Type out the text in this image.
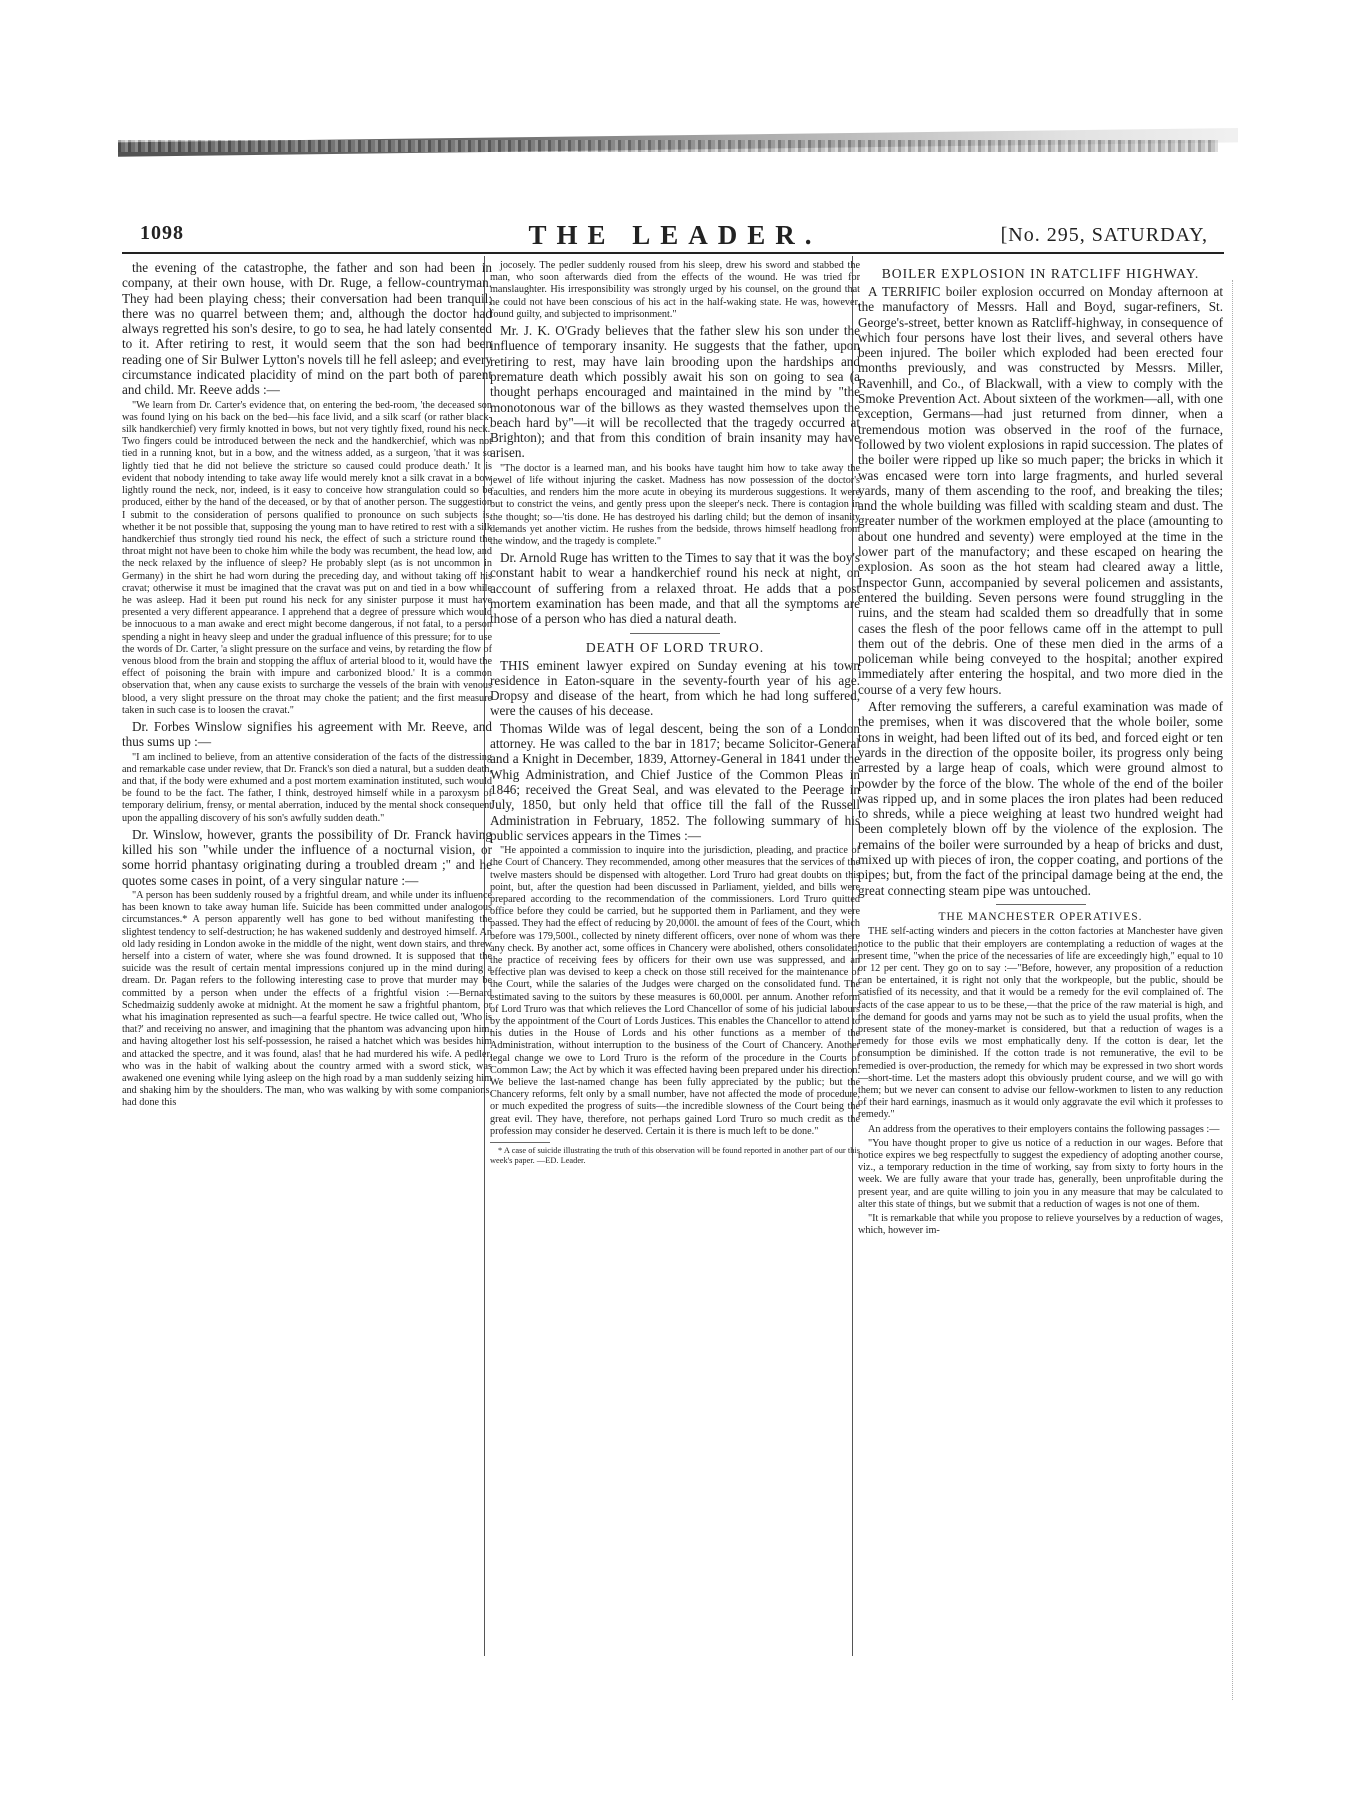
1098	THE LEADER.	[No. 295, SATURDAY,

the evening of the catastrophe, the father and son had been in company, at their own house, with Dr. Ruge, a fellow-countryman. They had been playing chess; their conversation had been tranquil; there was no quarrel between them; and, although the doctor had always regretted his son's desire, to go to sea, he had lately consented to it. After retiring to rest, it would seem that the son had been reading one of Sir Bulwer Lytton's novels till he fell asleep; and every circumstance indicated placidity of mind on the part both of parent and child. Mr. Reeve adds :—

"We learn from Dr. Carter's evidence that, on entering the bed-room, 'the deceased son was found lying on his back on the bed—his face livid, and a silk scarf (or rather black-silk handkerchief) very firmly knotted in bows, but not very tightly fixed, round his neck.' Two fingers could be introduced between the neck and the handkerchief, which was not tied in a running knot, but in a bow, and the witness added, as a surgeon, 'that it was so lightly tied that he did not believe the stricture so caused could produce death.' It is evident that nobody intending to take away life would merely knot a silk cravat in a bow lightly round the neck, nor, indeed, is it easy to conceive how strangulation could so be produced, either by the hand of the deceased, or by that of another person. The suggestion I submit to the consideration of persons qualified to pronounce on such subjects is, whether it be not possible that, supposing the young man to have retired to rest with a silk handkerchief thus strongly tied round his neck, the effect of such a stricture round the throat might not have been to choke him while the body was recumbent, the head low, and the neck relaxed by the influence of sleep? He probably slept (as is not uncommon in Germany) in the shirt he had worn during the preceding day, and without taking off his cravat; otherwise it must be imagined that the cravat was put on and tied in a bow while he was asleep. Had it been put round his neck for any sinister purpose it must have presented a very different appearance. I apprehend that a degree of pressure which would be innocuous to a man awake and erect might become dangerous, if not fatal, to a person spending a night in heavy sleep and under the gradual influence of this pressure; for to use the words of Dr. Carter, 'a slight pressure on the surface and veins, by retarding the flow of venous blood from the brain and stopping the afflux of arterial blood to it, would have the effect of poisoning the brain with impure and carbonized blood.' It is a common observation that, when any cause exists to surcharge the vessels of the brain with venous blood, a very slight pressure on the throat may choke the patient; and the first measure taken in such case is to loosen the cravat."

Dr. Forbes Winslow signifies his agreement with Mr. Reeve, and thus sums up :—

"I am inclined to believe, from an attentive consideration of the facts of the distressing and remarkable case under review, that Dr. Franck's son died a natural, but a sudden death, and that, if the body were exhumed and a post mortem examination instituted, such would be found to be the fact. The father, I think, destroyed himself while in a paroxysm of temporary delirium, frensy, or mental aberration, induced by the mental shock consequent upon the appalling discovery of his son's awfully sudden death."

Dr. Winslow, however, grants the possibility of Dr. Franck having killed his son "while under the influence of a nocturnal vision, or some horrid phantasy originating during a troubled dream ;" and he quotes some cases in point, of a very singular nature :—

"A person has been suddenly roused by a frightful dream, and while under its influence has been known to take away human life. Suicide has been committed under analogous circumstances.* A person apparently well has gone to bed without manifesting the slightest tendency to self-destruction; he has wakened suddenly and destroyed himself. An old lady residing in London awoke in the middle of the night, went down stairs, and threw herself into a cistern of water, where she was found drowned. It is supposed that the suicide was the result of certain mental impressions conjured up in the mind during a dream. Dr. Pagan refers to the following interesting case to prove that murder may be committed by a person when under the effects of a frightful vision :—Bernard Schedmaizig suddenly awoke at midnight. At the moment he saw a frightful phantom, or what his imagination represented as such—a fearful spectre. He twice called out, 'Who is that?' and receiving no answer, and imagining that the phantom was advancing upon him, and having altogether lost his self-possession, he raised a hatchet which was besides him and attacked the spectre, and it was found, alas! that he had murdered his wife. A pedler, who was in the habit of walking about the country armed with a sword stick, was awakened one evening while lying asleep on the high road by a man suddenly seizing him and shaking him by the shoulders. The man, who was walking by with some companions, had done this

jocosely. The pedler suddenly roused from his sleep, drew his sword and stabbed the man, who soon afterwards died from the effects of the wound. He was tried for manslaughter. His irresponsibility was strongly urged by his counsel, on the ground that he could not have been conscious of his act in the half-waking state. He was, however, found guilty, and subjected to imprisonment."

Mr. J. K. O'Grady believes that the father slew his son under the influence of temporary insanity. He suggests that the father, upon retiring to rest, may have lain brooding upon the hardships and premature death which possibly await his son on going to sea (a thought perhaps encouraged and maintained in the mind by "the monotonous war of the billows as they wasted themselves upon the beach hard by"—it will be recollected that the tragedy occurred at Brighton); and that from this condition of brain insanity may have arisen.

"The doctor is a learned man, and his books have taught him how to take away the jewel of life without injuring the casket. Madness has now possession of the doctor's faculties, and renders him the more acute in obeying its murderous suggestions. It were but to constrict the veins, and gently press upon the sleeper's neck. There is contagion in the thought; so—'tis done. He has destroyed his darling child; but the demon of insanity demands yet another victim. He rushes from the bedside, throws himself headlong from the window, and the tragedy is complete."

Dr. Arnold Ruge has written to the Times to say that it was the boy's constant habit to wear a handkerchief round his neck at night, on account of suffering from a relaxed throat. He adds that a post mortem examination has been made, and that all the symptoms are those of a person who has died a natural death.

DEATH OF LORD TRURO.

THIS eminent lawyer expired on Sunday evening at his town residence in Eaton-square in the seventy-fourth year of his age. Dropsy and disease of the heart, from which he had long suffered, were the causes of his decease.

Thomas Wilde was of legal descent, being the son of a London attorney. He was called to the bar in 1817; became Solicitor-General and a Knight in December, 1839, Attorney-General in 1841 under the Whig Administration, and Chief Justice of the Common Pleas in 1846; received the Great Seal, and was elevated to the Peerage in July, 1850, but only held that office till the fall of the Russell Administration in February, 1852. The following summary of his public services appears in the Times :—

"He appointed a commission to inquire into the jurisdiction, pleading, and practice of the Court of Chancery. They recommended, among other measures that the services of the twelve masters should be dispensed with altogether. Lord Truro had great doubts on this point, but, after the question had been discussed in Parliament, yielded, and bills were prepared according to the recommendation of the commissioners. Lord Truro quitted office before they could be carried, but he supported them in Parliament, and they were passed. They had the effect of reducing by 20,000l. the amount of fees of the Court, which before was 179,500l., collected by ninety different officers, over none of whom was there any check. By another act, some offices in Chancery were abolished, others consolidated; the practice of receiving fees by officers for their own use was suppressed, and an effective plan was devised to keep a check on those still received for the maintenance of the Court, while the salaries of the Judges were charged on the consolidated fund. The estimated saving to the suitors by these measures is 60,000l. per annum. Another reform of Lord Truro was that which relieves the Lord Chancellor of some of his judicial labours by the appointment of the Court of Lords Justices. This enables the Chancellor to attend to his duties in the House of Lords and his other functions as a member of the Administration, without interruption to the business of the Court of Chancery. Another legal change we owe to Lord Truro is the reform of the procedure in the Courts of Common Law; the Act by which it was effected having been prepared under his direction. We believe the last-named change has been fully appreciated by the public; but the Chancery reforms, felt only by a small number, have not affected the mode of procedure, or much expedited the progress of suits—the incredible slowness of the Court being the great evil. They have, therefore, not perhaps gained Lord Truro so much credit as the profession may consider he deserved. Certain it is there is much left to be done."

* A case of suicide illustrating the truth of this observation will be found reported in another part of our this week's paper. —ED. Leader.

BOILER EXPLOSION IN RATCLIFF HIGHWAY.

A TERRIFIC boiler explosion occurred on Monday afternoon at the manufactory of Messrs. Hall and Boyd, sugar-refiners, St. George's-street, better known as Ratcliff-highway, in consequence of which four persons have lost their lives, and several others have been injured. The boiler which exploded had been erected four months previously, and was constructed by Messrs. Miller, Ravenhill, and Co., of Blackwall, with a view to comply with the Smoke Prevention Act. About sixteen of the workmen—all, with one exception, Germans—had just returned from dinner, when a tremendous motion was observed in the roof of the furnace, followed by two violent explosions in rapid succession. The plates of the boiler were ripped up like so much paper; the bricks in which it was encased were torn into large fragments, and hurled several yards, many of them ascending to the roof, and breaking the tiles; and the whole building was filled with scalding steam and dust. The greater number of the workmen employed at the place (amounting to about one hundred and seventy) were employed at the time in the lower part of the manufactory; and these escaped on hearing the explosion. As soon as the hot steam had cleared away a little, Inspector Gunn, accompanied by several policemen and assistants, entered the building. Seven persons were found struggling in the ruins, and the steam had scalded them so dreadfully that in some cases the flesh of the poor fellows came off in the attempt to pull them out of the debris. One of these men died in the arms of a policeman while being conveyed to the hospital; another expired immediately after entering the hospital, and two more died in the course of a very few hours.

After removing the sufferers, a careful examination was made of the premises, when it was discovered that the whole boiler, some tons in weight, had been lifted out of its bed, and forced eight or ten yards in the direction of the opposite boiler, its progress only being arrested by a large heap of coals, which were ground almost to powder by the force of the blow. The whole of the end of the boiler was ripped up, and in some places the iron plates had been reduced to shreds, while a piece weighing at least two hundred weight had been completely blown off by the violence of the explosion. The remains of the boiler were surrounded by a heap of bricks and dust, mixed up with pieces of iron, the copper coating, and portions of the pipes; but, from the fact of the principal damage being at the end, the great connecting steam pipe was untouched.

THE MANCHESTER OPERATIVES.

THE self-acting winders and piecers in the cotton factories at Manchester have given notice to the public that their employers are contemplating a reduction of wages at the present time, "when the price of the necessaries of life are exceedingly high," equal to 10 or 12 per cent. They go on to say :—"Before, however, any proposition of a reduction can be entertained, it is right not only that the workpeople, but the public, should be satisfied of its necessity, and that it would be a remedy for the evil complained of. The facts of the case appear to us to be these,—that the price of the raw material is high, and the demand for goods and yarns may not be such as to yield the usual profits, when the present state of the money-market is considered, but that a reduction of wages is a remedy for those evils we most emphatically deny. If the cotton is dear, let the consumption be diminished. If the cotton trade is not remunerative, the evil to be remedied is over-production, the remedy for which may be expressed in two short words—short-time. Let the masters adopt this obviously prudent course, and we will go with them; but we never can consent to advise our fellow-workmen to listen to any reduction of their hard earnings, inasmuch as it would only aggravate the evil which it professes to remedy."

An address from the operatives to their employers contains the following passages :—

"You have thought proper to give us notice of a reduction in our wages. Before that notice expires we beg respectfully to suggest the expediency of adopting another course, viz., a temporary reduction in the time of working, say from sixty to forty hours in the week. We are fully aware that your trade has, generally, been unprofitable during the present year, and are quite willing to join you in any measure that may be calculated to alter this state of things, but we submit that a reduction of wages is not one of them.

"It is remarkable that while you propose to relieve yourselves by a reduction of wages, which, however im-
